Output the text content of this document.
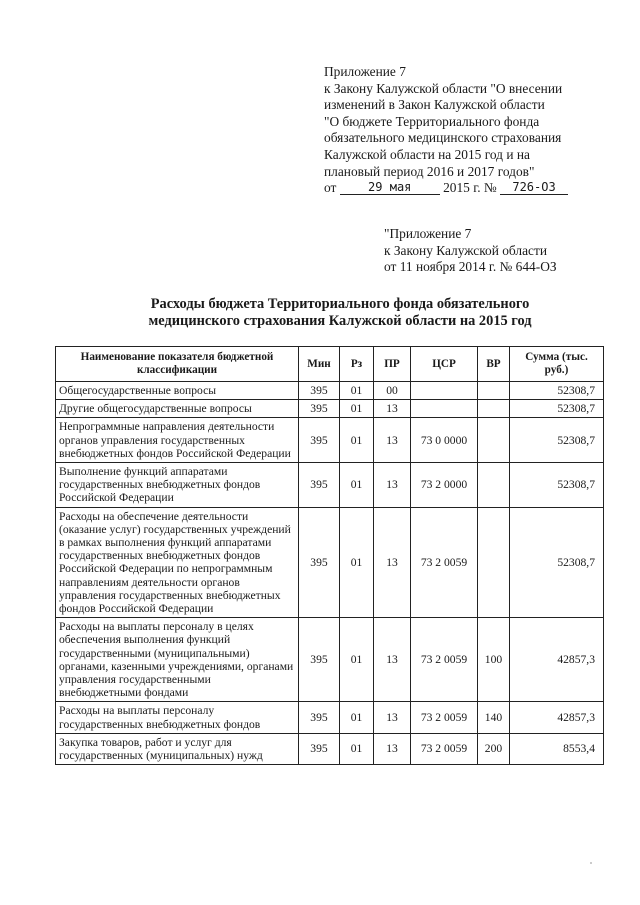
Приложение 7
к Закону Калужской области "О внесении
изменений в Закон Калужской области
"О бюджете Территориального фонда
обязательного медицинского страхования
Калужской области на 2015 год и на
плановый период 2016 и 2017 годов"
от	29 мая 2015 г. № 726-ОЗ
"Приложение 7
к Закону Калужской области
от 11 ноября 2014 г. № 644-ОЗ
Расходы бюджета Территориального фонда обязательного
медицинского страхования Калужской области на 2015 год
Наименование показателя бюджетной классификации	Мин	Рз	ПР	ЦСР	ВР	Сумма (тыс. руб.)
Общегосударственные вопросы	395	01	00			52308,7
Другие общегосударственные вопросы	395	01	13			52308,7
Непрограммные направления деятельности органов управления государственных внебюджетных фондов Российской Федерации	395	01	13	73 0 0000		52308,7
Выполнение функций аппаратами государственных внебюджетных фондов Российской Федерации	395	01	13	73 2 0000		52308,7
Расходы на обеспечение деятельности (оказание услуг) государственных учреждений в рамках выполнения функций аппаратами государственных внебюджетных фондов Российской Федерации по непрограммным направлениям деятельности органов управления государственных внебюджетных фондов Российской Федерации	395	01	13	73 2 0059		52308,7
Расходы на выплаты персоналу в целях обеспечения выполнения функций государственными (муниципальными) органами, казенными учреждениями, органами управления государственными внебюджетными фондами	395	01	13	73 2 0059	100	42857,3
Расходы на выплаты персоналу государственных внебюджетных фондов	395	01	13	73 2 0059	140	42857,3
Закупка товаров, работ и услуг для государственных (муниципальных) нужд	395	01	13	73 2 0059	200	8553,4
